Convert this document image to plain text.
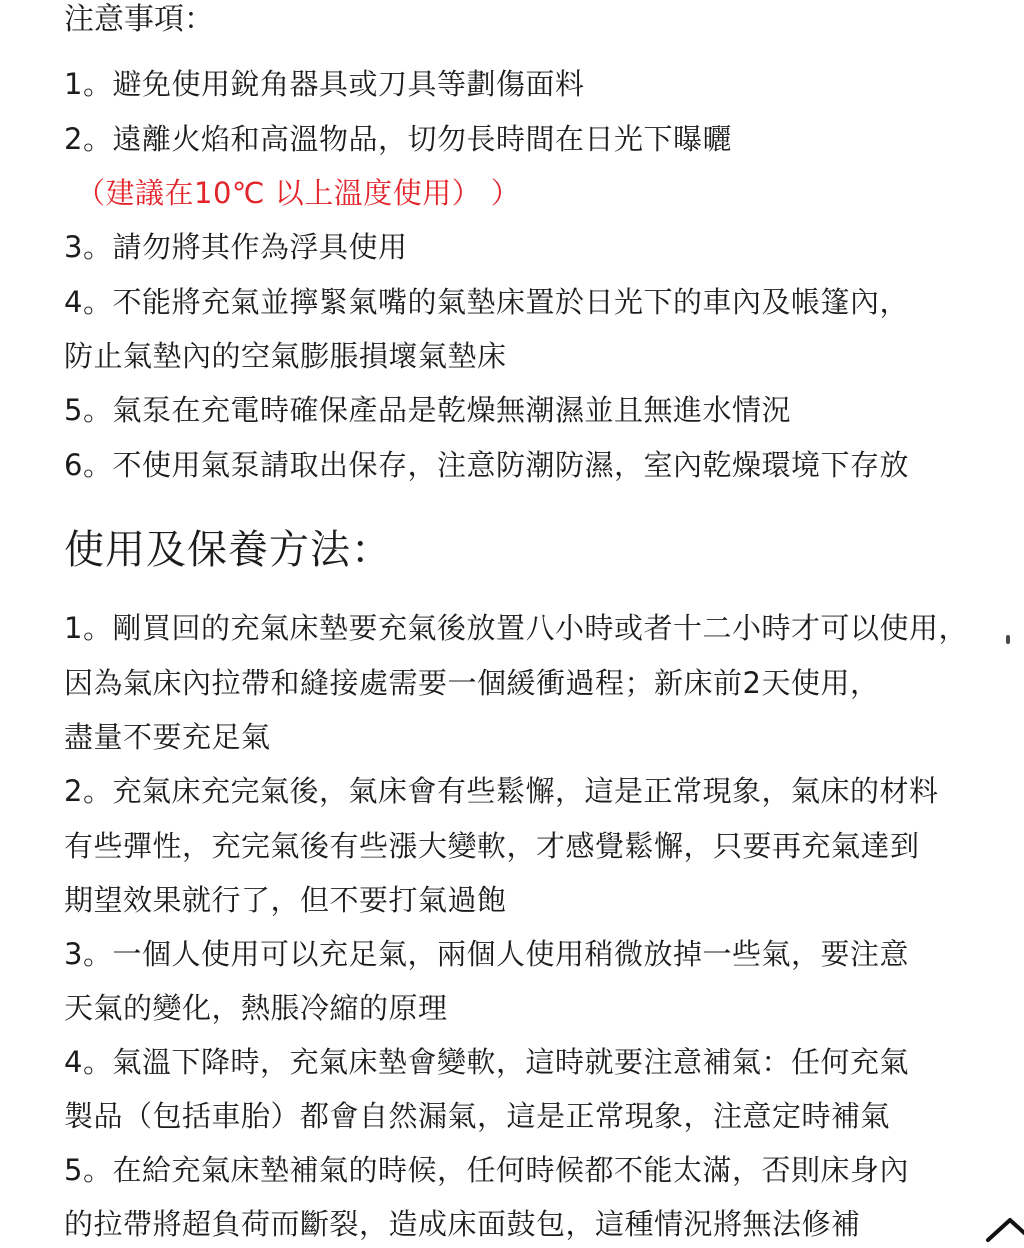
注意事項：
1。避免使用銳角器具或刀具等劃傷面料
2。遠離火焰和高溫物品，切勿長時間在日光下曝曬
（建議在10℃ 以上溫度使用） ）
3。請勿將其作為浮具使用
4。不能將充氣並擰緊氣嘴的氣墊床置於日光下的車內及帳篷內，
防止氣墊內的空氣膨脹損壞氣墊床
5。氣泵在充電時確保產品是乾燥無潮濕並且無進水情況
6。不使用氣泵請取出保存，注意防潮防濕，室內乾燥環境下存放
使用及保養方法：
1。剛買回的充氣床墊要充氣後放置八小時或者十二小時才可以使用，
因為氣床內拉帶和縫接處需要一個緩衝過程；新床前2天使用，
盡量不要充足氣
2。充氣床充完氣後，氣床會有些鬆懈，這是正常現象，氣床的材料
有些彈性，充完氣後有些漲大變軟，才感覺鬆懈，只要再充氣達到
期望效果就行了，但不要打氣過飽
3。一個人使用可以充足氣，兩個人使用稍微放掉一些氣，要注意
天氣的變化，熱脹冷縮的原理
4。氣溫下降時，充氣床墊會變軟，這時就要注意補氣：任何充氣
製品（包括車胎）都會自然漏氣，這是正常現象，注意定時補氣
5。在給充氣床墊補氣的時候，任何時候都不能太滿，否則床身內
的拉帶將超負荷而斷裂，造成床面鼓包，這種情況將無法修補
